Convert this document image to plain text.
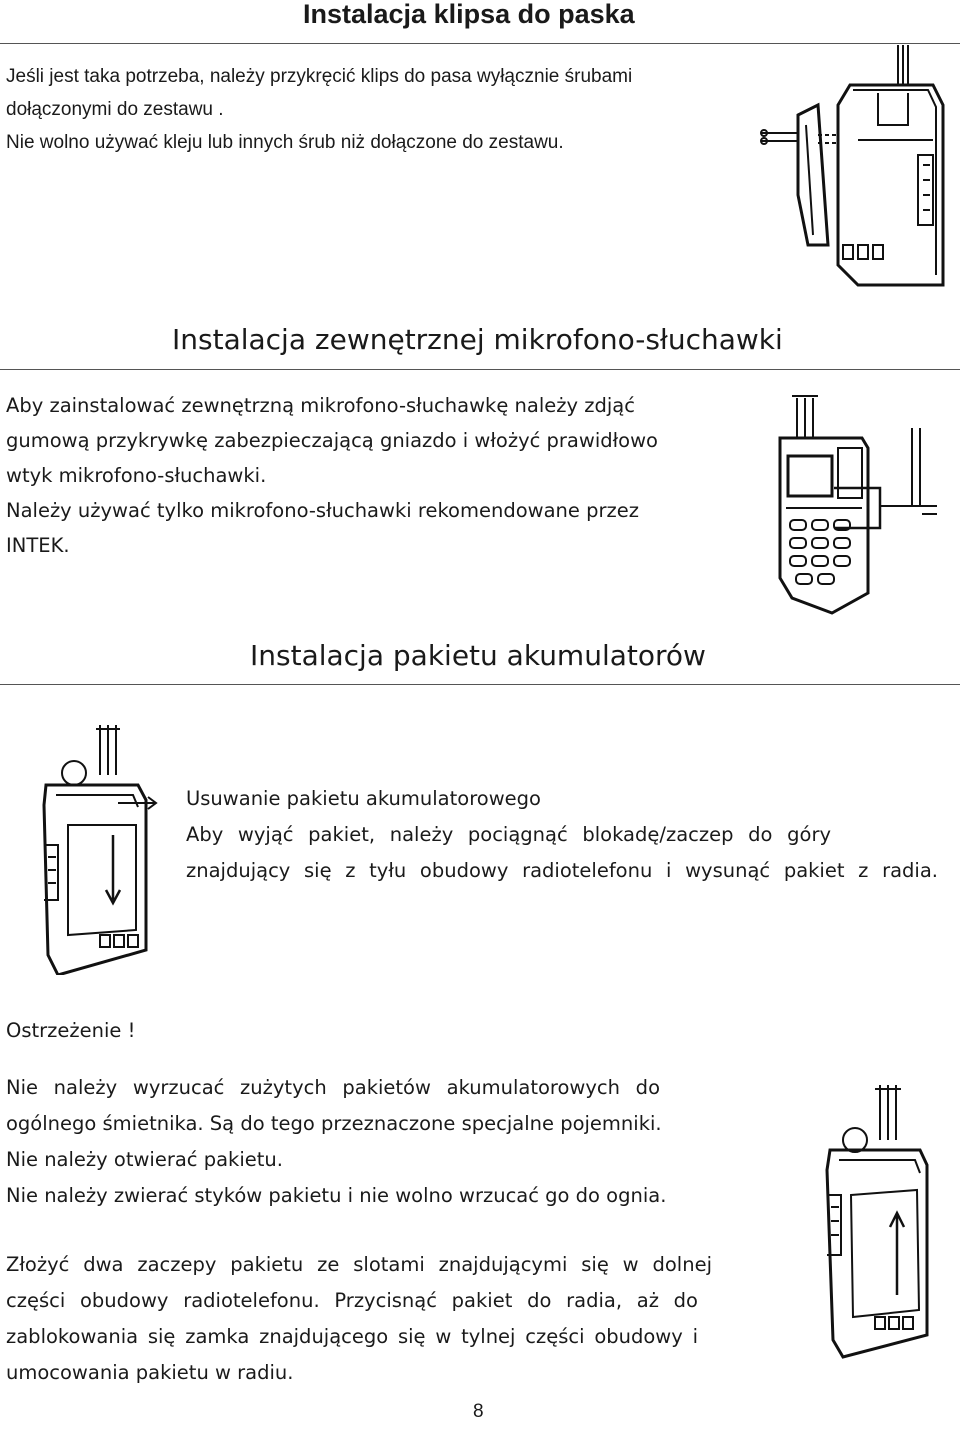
Instalacja klipsa do paska
Jeśli jest taka potrzeba, należy przykręcić klips do pasa wyłącznie śrubami
dołączonymi do zestawu .
Nie wolno używać kleju lub innych śrub niż dołączone do zestawu.
Instalacja zewnętrznej mikrofono-słuchawki
Aby zainstalować zewnętrzną mikrofono-słuchawkę należy zdjąć
gumową przykrywkę zabezpieczającą gniazdo i włożyć prawidłowo
wtyk mikrofono-słuchawki.
Należy używać tylko mikrofono-słuchawki rekomendowane przez
INTEK.
Instalacja pakietu akumulatorów
Usuwanie pakietu akumulatorowego
Aby wyjąć pakiet, należy pociągnąć blokadę/zaczep do góry
znajdujący się z tyłu obudowy radiotelefonu i wysunąć pakiet z radia.
Ostrzeżenie !
Nie należy wyrzucać zużytych pakietów akumulatorowych do
ogólnego śmietnika. Są do tego przeznaczone specjalne pojemniki.
Nie należy otwierać pakietu.
Nie należy zwierać styków pakietu i nie wolno wrzucać go do ognia.
Złożyć dwa zaczepy pakietu ze slotami znajdującymi się w dolnej
części obudowy radiotelefonu. Przycisnąć pakiet do radia, aż do
zablokowania się zamka znajdującego się w tylnej części obudowy i
umocowania pakietu w radiu.
8
